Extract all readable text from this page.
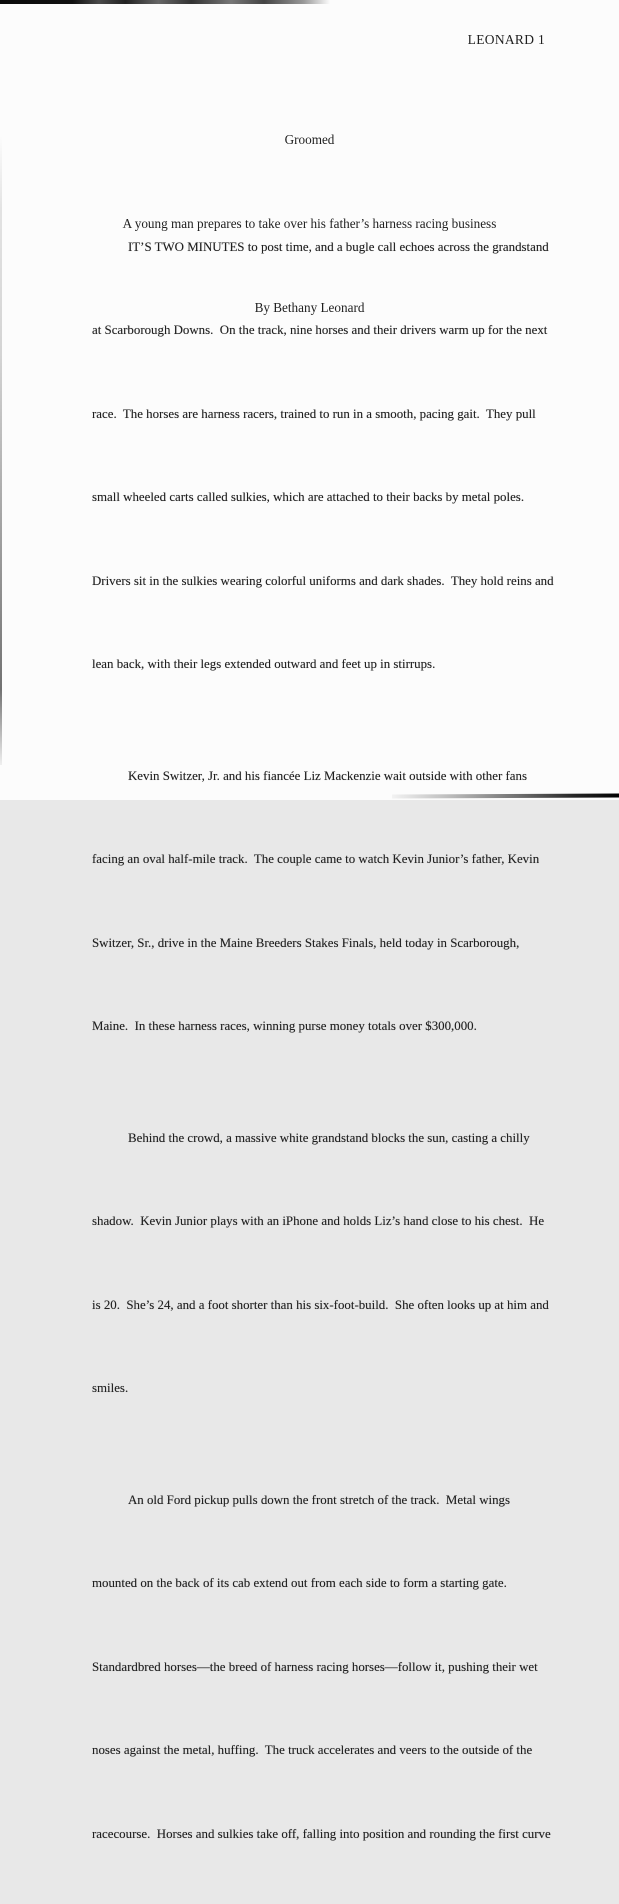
LEONARD 1

Groomed

A young man prepares to take over his father’s harness racing business

By Bethany Leonard

IT’S TWO MINUTES to post time, and a bugle call echoes across the grandstand

at Scarborough Downs.  On the track, nine horses and their drivers warm up for the next

race.  The horses are harness racers, trained to run in a smooth, pacing gait.  They pull

small wheeled carts called sulkies, which are attached to their backs by metal poles.

Drivers sit in the sulkies wearing colorful uniforms and dark shades.  They hold reins and

lean back, with their legs extended outward and feet up in stirrups.

Kevin Switzer, Jr. and his fiancée Liz Mackenzie wait outside with other fans

facing an oval half-mile track.  The couple came to watch Kevin Junior’s father, Kevin

Switzer, Sr., drive in the Maine Breeders Stakes Finals, held today in Scarborough,

Maine.  In these harness races, winning purse money totals over $300,000.

Behind the crowd, a massive white grandstand blocks the sun, casting a chilly

shadow.  Kevin Junior plays with an iPhone and holds Liz’s hand close to his chest.  He

is 20.  She’s 24, and a foot shorter than his six-foot-build.  She often looks up at him and

smiles.

An old Ford pickup pulls down the front stretch of the track.  Metal wings

mounted on the back of its cab extend out from each side to form a starting gate.

Standardbred horses—the breed of harness racing horses—follow it, pushing their wet

noses against the metal, huffing.  The truck accelerates and veers to the outside of the

racecourse.  Horses and sulkies take off, falling into position and rounding the first curve
